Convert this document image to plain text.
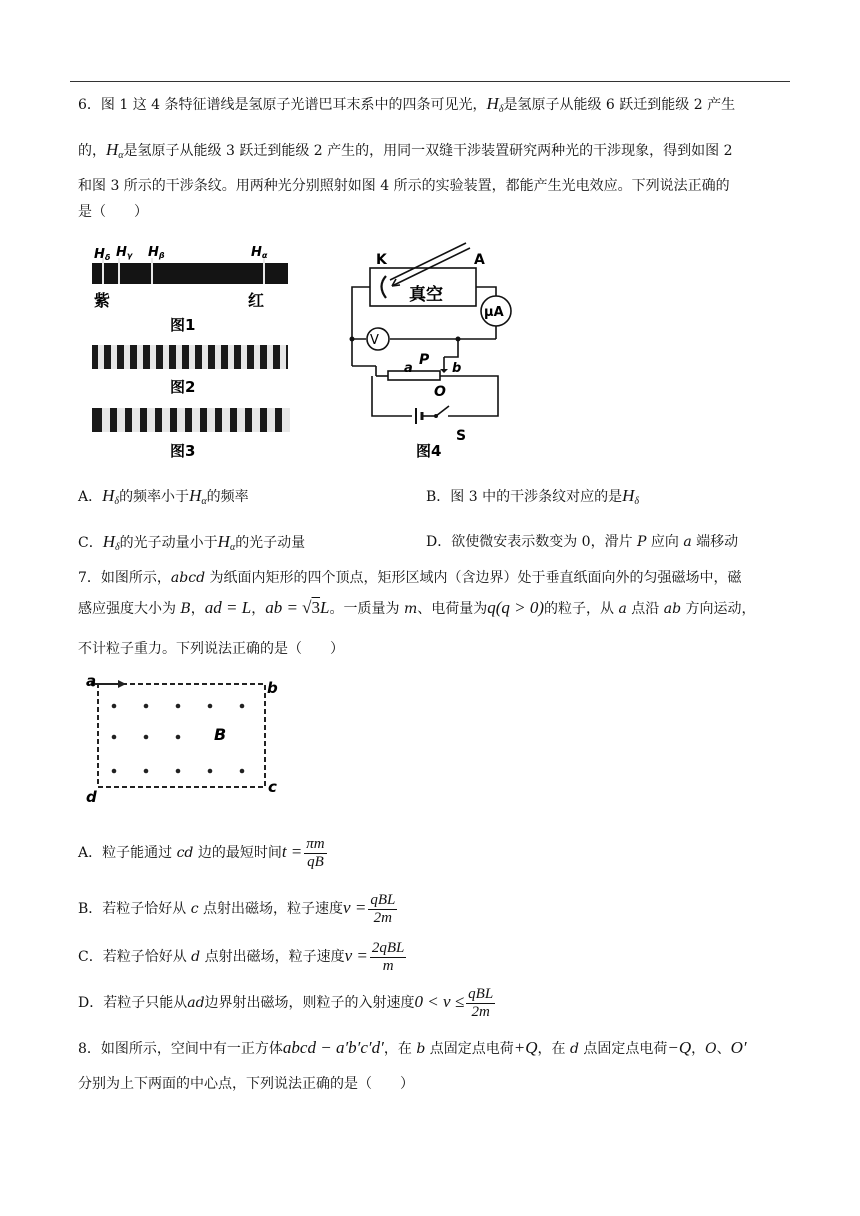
6．图 1 这 4 条特征谱线是氢原子光谱巴耳末系中的四条可见光，$H_\delta$是氢原子从能级 6 跃迁到能级 2 产生
的，$H_\alpha$是氢原子从能级 3 跃迁到能级 2 产生的，用同一双缝干涉装置研究两种光的干涉现象，得到如图 2
和图 3 所示的干涉条纹。用两种光分别照射如图 4 所示的实验装置，都能产生光电效应。下列说法正确的
是（　　）
Hδ Hγ Hβ	Hα
紫	红
图1
图2
图3
V
μA
K	A
真空
P
a	b
O
S
图4
A．$H_\delta$的频率小于$H_\alpha$的频率	B．图 3 中的干涉条纹对应的是$H_\delta$
C．$H_\delta$的光子动量小于$H_\alpha$的光子动量	D．欲使微安表示数变为 0，滑片 P 应向 a 端移动
7．如图所示，abcd 为纸面内矩形的四个顶点，矩形区域内（含边界）处于垂直纸面向外的匀强磁场中，磁
感应强度大小为 B，ad = L，ab = √3L。一质量为 m、电荷量为q(q > 0)的粒子，从 a 点沿 ab 方向运动，
不计粒子重力。下列说法正确的是（　　）
a	b
c
d
B
A．粒子能通过 cd 边的最短时间$t = \frac{\pi m}{qB}$
B．若粒子恰好从 c 点射出磁场，粒子速度$v = \frac{\text{qBL}}{2m}$
C．若粒子恰好从 d 点射出磁场，粒子速度$v = \frac{\text{2qBL}}{m}$
D．若粒子只能从ad边界射出磁场，则粒子的入射速度$0 < v \le \frac{\text{qBL}}{2m}$
8．如图所示，空间中有一正方体abcd − a′b′c′d′，在 b 点固定点电荷+Q，在 d 点固定点电荷−Q，O、O′
分别为上下两面的中心点，下列说法正确的是（　　）
